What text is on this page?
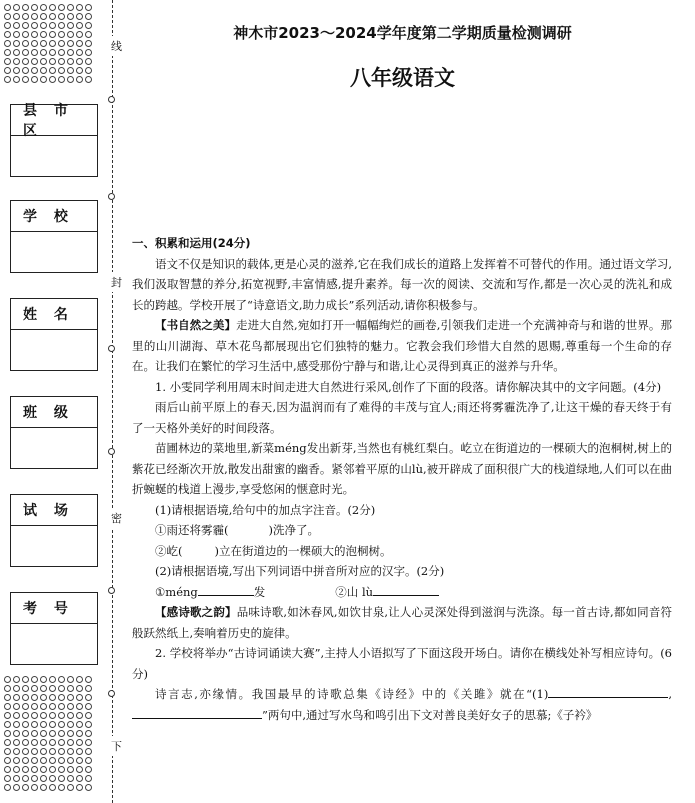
线
封
密
下
县 市 区
学 校
姓 名
班 级
试 场
考 号
神木市2023～2024学年度第二学期质量检测调研
八年级语文

一、积累和运用(24分)

语文不仅是知识的载体,更是心灵的滋养,它在我们成长的道路上发挥着不可替代的作用。通过语文学习,我们汲取智慧的养分,拓宽视野,丰富情感,提升素养。每一次的阅读、交流和写作,都是一次心灵的洗礼和成长的跨越。学校开展了“诗意语文,助力成长”系列活动,请你积极参与。

【书自然之美】走进大自然,宛如打开一幅幅绚烂的画卷,引领我们走进一个充满神奇与和谐的世界。那里的山川湖海、草木花鸟都展现出它们独特的魅力。它教会我们珍惜大自然的恩赐,尊重每一个生命的存在。让我们在繁忙的学习生活中,感受那份宁静与和谐,让心灵得到真正的滋养与升华。

1. 小雯同学利用周末时间走进大自然进行采风,创作了下面的段落。请你解决其中的文字问题。(4分)

雨后山前平原上的春天,因为温润而有了难得的丰茂与宜人;雨还将雾霾洗净了,让这干燥的春天终于有了一天格外美好的时间段落。

苗圃林边的菜地里,新菜méng发出新芽,当然也有桃红梨白。屹立在街道边的一棵硕大的泡桐树,树上的紫花已经渐次开放,散发出甜蜜的幽香。紧邻着平原的山lù,被开辟成了面积很广大的栈道绿地,人们可以在曲折蜿蜒的栈道上漫步,享受悠闲的惬意时光。

(1)请根据语境,给句中的加点字注音。(2分)

①雨还将雾霾(	)洗净了。

②屹(	)立在街道边的一棵硕大的泡桐树。

(2)请根据语境,写出下列词语中拼音所对应的汉字。(2分)

①méng	发	②山 lù

【感诗歌之韵】品味诗歌,如沐春风,如饮甘泉,让人心灵深处得到滋润与洗涤。每一首古诗,都如同音符般跃然纸上,奏响着历史的旋律。

2. 学校将举办“古诗词诵读大赛”,主持人小语拟写了下面这段开场白。请你在横线处补写相应诗句。(6分)

诗言志,亦缘情。我国最早的诗歌总集《诗经》中的《关雎》就在“(1)	,”两句中,通过写水鸟和鸣引出下文对善良美好女子的思慕;《子衿》
